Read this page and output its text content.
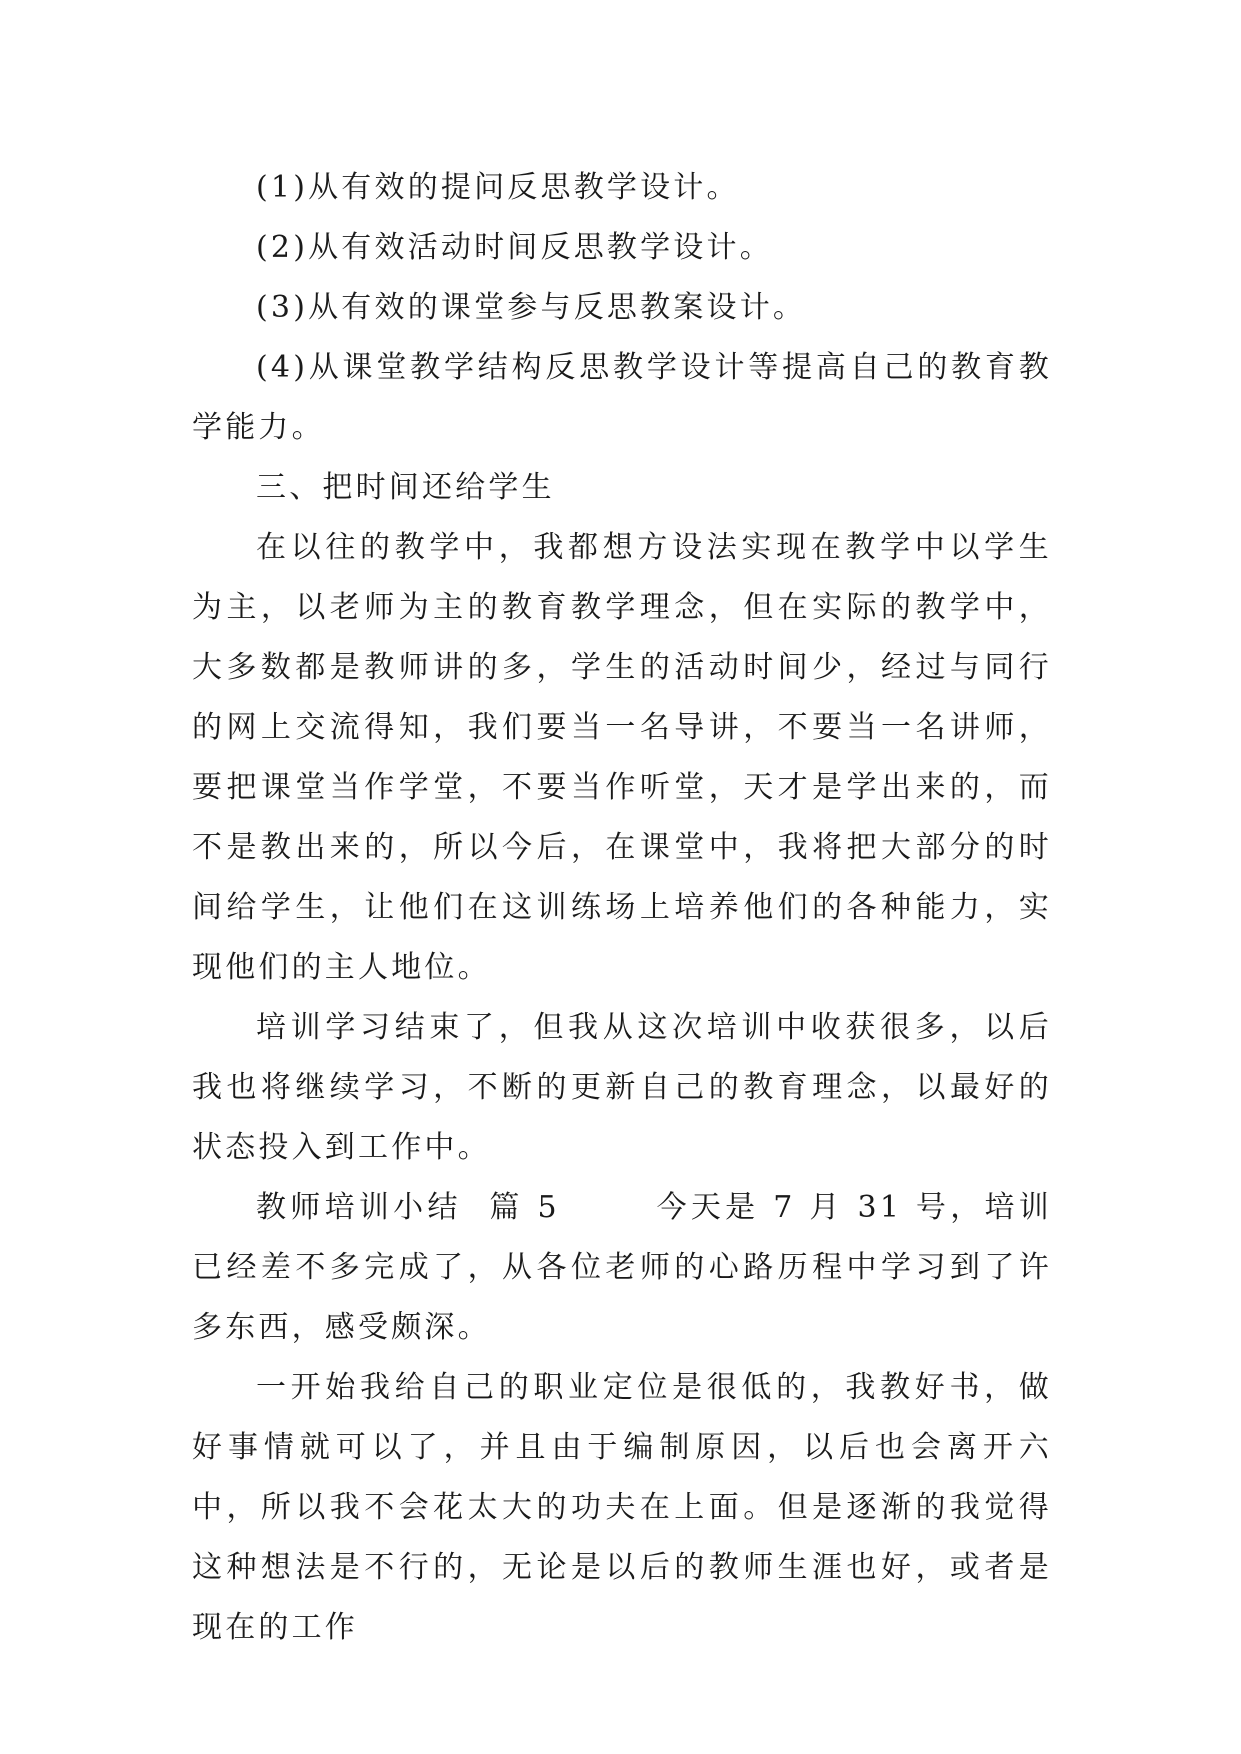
(1)从有效的提问反思教学设计。

(2)从有效活动时间反思教学设计。

(3)从有效的课堂参与反思教案设计。

(4)从课堂教学结构反思教学设计等提高自己的教育教学能力。

三、把时间还给学生

在以往的教学中，我都想方设法实现在教学中以学生为主，以老师为主的教育教学理念，但在实际的教学中，大多数都是教师讲的多，学生的活动时间少，经过与同行的网上交流得知，我们要当一名导讲，不要当一名讲师，要把课堂当作学堂，不要当作听堂，天才是学出来的，而不是教出来的，所以今后，在课堂中，我将把大部分的时间给学生，让他们在这训练场上培养他们的各种能力，实现他们的主人地位。

培训学习结束了，但我从这次培训中收获很多，以后我也将继续学习，不断的更新自己的教育理念，以最好的状态投入到工作中。

教师培训小结  篇 5       今天是 7 月 31 号，培训已经差不多完成了，从各位老师的心路历程中学习到了许多东西，感受颇深。

一开始我给自己的职业定位是很低的，我教好书，做好事情就可以了，并且由于编制原因，以后也会离开六中，所以我不会花太大的功夫在上面。但是逐渐的我觉得这种想法是不行的，无论是以后的教师生涯也好，或者是现在的工作
